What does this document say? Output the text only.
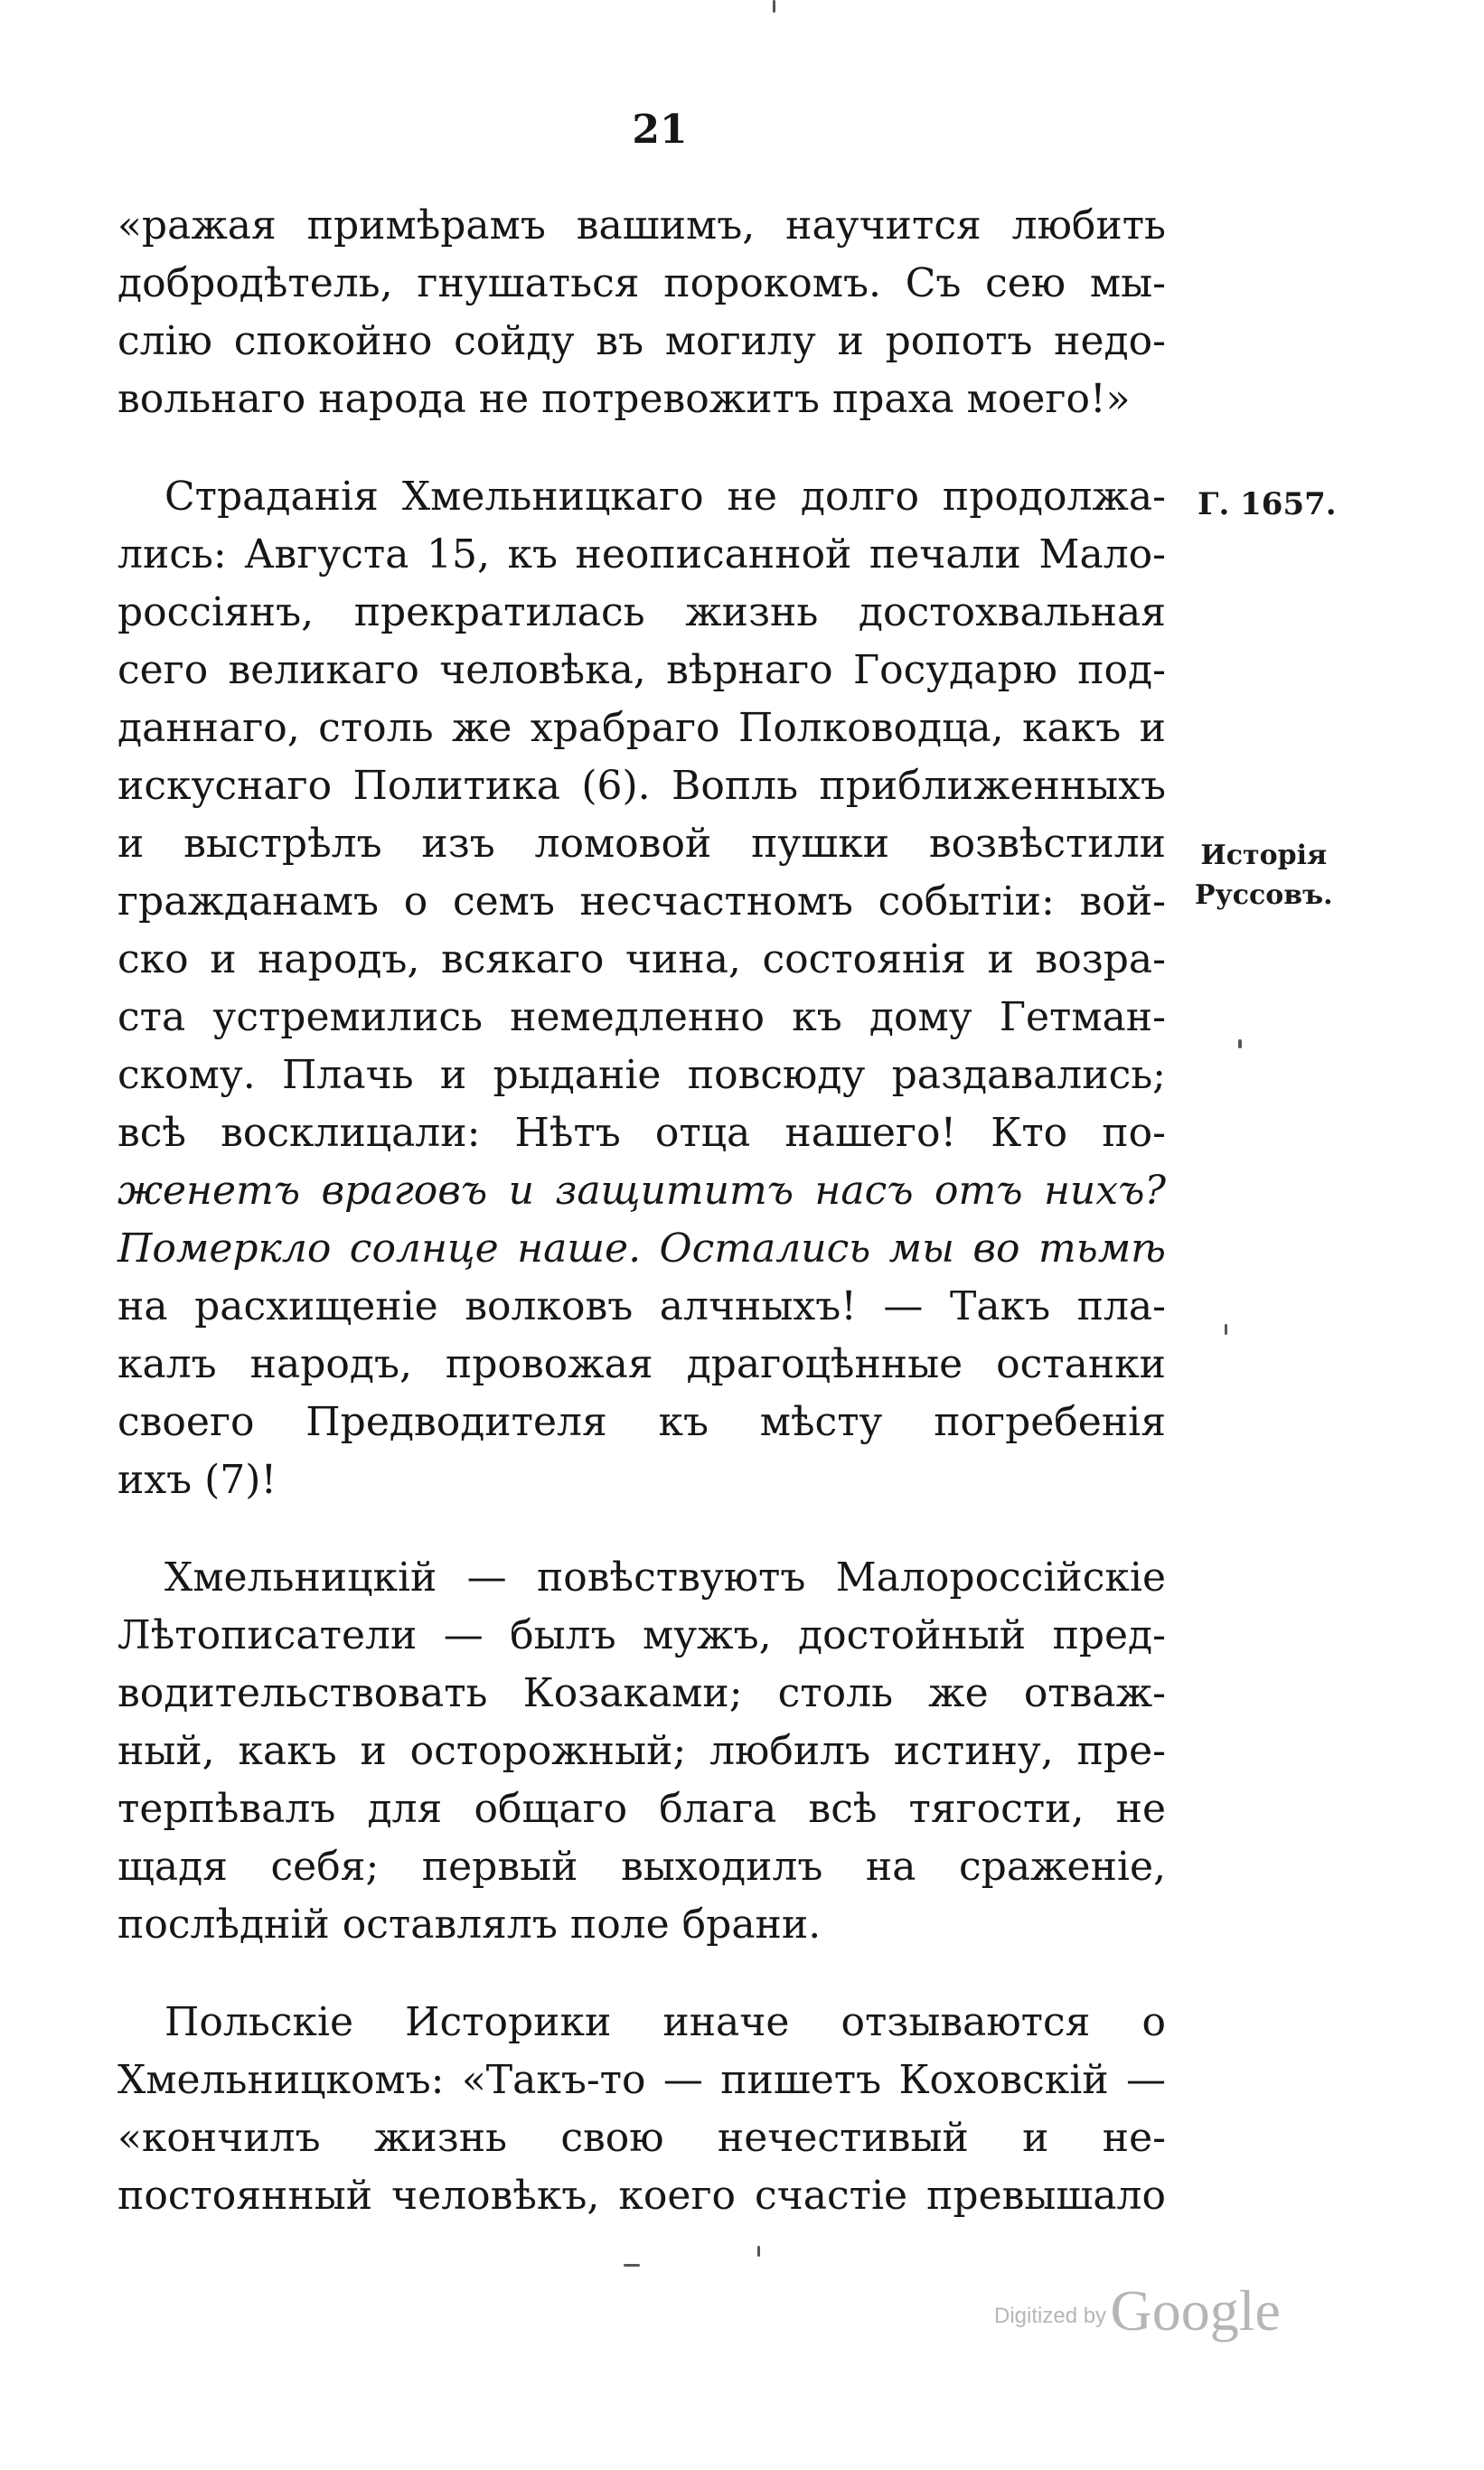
21
«ражая примѣрамъ вашимъ, научится любить
добродѣтель, гнушаться порокомъ. Съ сею мы-
слію спокойно сойду въ могилу и ропотъ недо-
вольнаго народа не потревожитъ праха моего!»
Страданія Хмельницкаго не долго продолжа-
лись: Августа 15, къ неописанной печали Мало-
россіянъ, прекратилась жизнь достохвальная
сего великаго человѣка, вѣрнаго Государю под-
даннаго, столь же храбраго Полководца, какъ и
искуснаго Политика (6). Вопль приближенныхъ
и выстрѣлъ изъ ломовой пушки возвѣстили
гражданамъ о семъ несчастномъ событіи: вой-
ско и народъ, всякаго чина, состоянія и возра-
ста устремились немедленно къ дому Гетман-
скому. Плачь и рыданіе повсюду раздавались;
всѣ восклицали: Нѣтъ отца нашего! Кто по-
женетъ враговъ и защититъ насъ отъ нихъ?
Померкло солнце наше. Остались мы во тьмѣ
на расхищеніе волковъ алчныхъ! — Такъ пла-
калъ народъ, провожая драгоцѣнные останки
своего Предводителя къ мѣсту погребенія
ихъ (7)!
Хмельницкій — повѣствуютъ Малороссійскіе
Лѣтописатели — былъ мужъ, достойный пред-
водительствовать Козаками; столь же отваж-
ный, какъ и осторожный; любилъ истину, пре-
терпѣвалъ для общаго блага всѣ тягости, не
щадя себя; первый выходилъ на сраженіе,
послѣдній оставлялъ поле брани.
Польскіе Историки иначе отзываются о
Хмельницкомъ: «Такъ-то — пишетъ Коховскій —
«кончилъ жизнь свою нечестивый и не-
постоянный человѣкъ, коего счастіе превышало
Г. 1657.
Исторія
Руссовъ.
Digitized by Google
